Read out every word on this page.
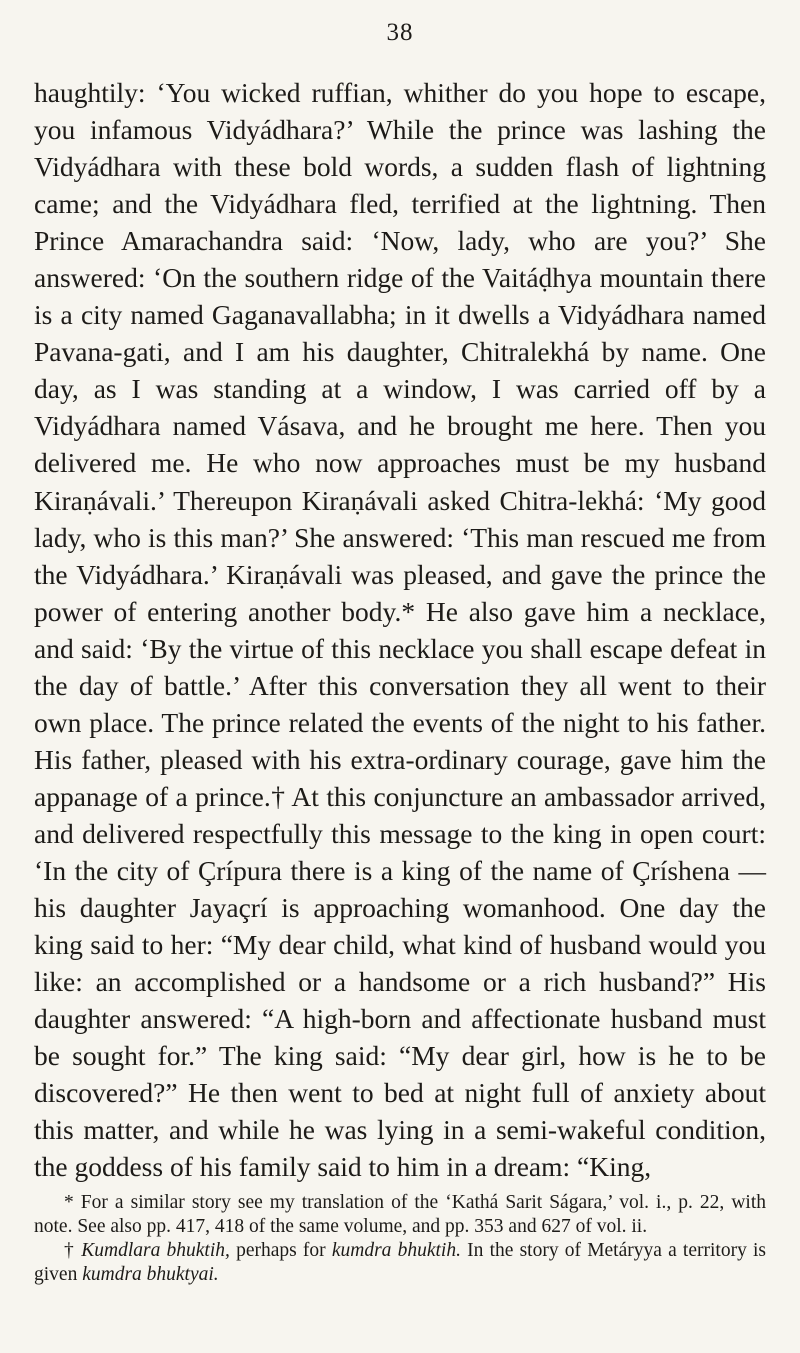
38

haughtily: ‘You wicked ruffian, whither do you hope to escape, you infamous Vidyádhara?’ While the prince was lashing the Vidyádhara with these bold words, a sudden flash of lightning came; and the Vidyádhara fled, terrified at the lightning. Then Prince Amarachandra said: ‘Now, lady, who are you?’ She answered: ‘On the southern ridge of the Vaitáḍhya mountain there is a city named Gaganavallabha; in it dwells a Vidyádhara named Pavana-gati, and I am his daughter, Chitralekhá by name. One day, as I was standing at a window, I was carried off by a Vidyádhara named Vásava, and he brought me here. Then you delivered me. He who now approaches must be my husband Kiraṇávali.’ Thereupon Kiraṇávali asked Chitra-lekhá: ‘My good lady, who is this man?’ She answered: ‘This man rescued me from the Vidyádhara.’ Kiraṇávali was pleased, and gave the prince the power of entering another body.* He also gave him a necklace, and said: ‘By the virtue of this necklace you shall escape defeat in the day of battle.’ After this conversation they all went to their own place. The prince related the events of the night to his father. His father, pleased with his extra-ordinary courage, gave him the appanage of a prince.† At this conjuncture an ambassador arrived, and delivered respectfully this message to the king in open court: ‘In the city of Çrípura there is a king of the name of Çríshena —his daughter Jayaçrí is approaching womanhood. One day the king said to her: “My dear child, what kind of husband would you like: an accomplished or a handsome or a rich husband?” His daughter answered: “A high-born and affectionate husband must be sought for.” The king said: “My dear girl, how is he to be discovered?” He then went to bed at night full of anxiety about this matter, and while he was lying in a semi-wakeful condition, the goddess of his family said to him in a dream: “King,

* For a similar story see my translation of the ‘Kathá Sarit Ságara,’ vol. i., p. 22, with note. See also pp. 417, 418 of the same volume, and pp. 353 and 627 of vol. ii.

† Kumdlara bhuktih, perhaps for kumdra bhuktih. In the story of Metáryya a territory is given kumdra bhuktyai.
